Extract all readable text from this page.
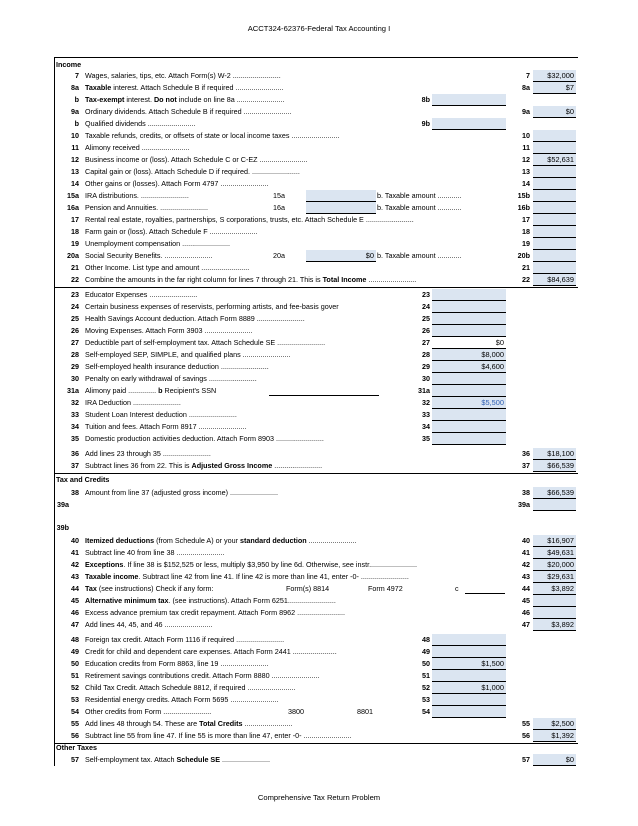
ACCT324-62376-Federal Tax Accounting I
Income
7 Wages, salaries, tips, etc. Attach Form(s) W-2 ........................	7 $32,000
8a Taxable interest. Attach Schedule B if required ........................	8a	$7
b Tax-exempt interest. Do not include on line 8a ........................	8b
9a Ordinary dividends. Attach Schedule B if required ........................	9a	$0
b Qualified dividends ........................	9b
10 Taxable refunds, credits, or offsets of state or local income taxes ........................	10
11 Alimony received ........................	11
12 Business income or (loss). Attach Schedule C or C-EZ ........................	12 $52,631
13 Capital gain or (loss). Attach Schedule D if required. ........................	13
14 Other gains or (losses). Attach Form 4797 ........................	14
15a IRA distributions. ........................	15a	b. Taxable amount ............	15b
16a Pension and Annuities. ........................	16a	b. Taxable amount ............	16b
17 Rental real estate, royalties, partnerships, S corporations, trusts, etc. Attach Schedule E ........................	17
18 Farm gain or (loss). Attach Schedule F ........................	18
19 Unemployment compensation ........................	19
20a Social Security Benefits. ........................	20a	$0 b. Taxable amount ............	20b
21 Other Income. List type and amount ........................	21
22 Combine the amounts in the far right column for lines 7 through 21. This is Total Income ........................	22 $84,639
23 Educator Expenses ........................	23
24 Certain business expenses of reservists, performing artists, and fee-basis gover	24
25 Health Savings Account deduction. Attach Form 8889 ........................	25
26 Moving Expenses. Attach Form 3903 ........................	26
27 Deductible part of self-employment tax. Attach Schedule SE ........................	27	$0
28 Self-employed SEP, SIMPLE, and qualified plans ........................	28	$8,000
29 Self-employed health insurance deduction ........................	29	$4,600
30 Penalty on early withdrawal of savings ........................	30
31a Alimony paid .............. b Recipient's SSN	31a
32 IRA Deduction ........................	32	$5,500
33 Student Loan Interest deduction ........................	33
34 Tuition and fees. Attach Form 8917 ........................	34
35 Domestic production activities deduction. Attach Form 8903 ........................	35
36 Add lines 23 through 35 ........................	36 $18,100
37 Subtract lines 36 from 22. This is Adjusted Gross Income ........................	37 $66,539
Tax and Credits
38 Amount from line 37 (adjusted gross income) ........................	38 $66,539
39a	39a
39b
40 Itemized deductions (from Schedule A) or your standard deduction ........................	40 $16,907
41 Subtract line 40 from line 38 ........................	41 $49,631
42 Exceptions. If line 38 is $152,525 or less, multiply $3,950 by line 6d. Otherwise, see instr........................	42 $20,000
43 Taxable income. Subtract line 42 from line 41. If line 42 is more than line 41, enter -0- ........................	43 $29,631
44 Tax (see instructions) Check if any form:	Form(s) 8814	Form 4972	c	44	$3,892
45 Alternative minimum tax. (see instructions). Attach Form 6251........................	45
46 Excess advance premium tax credit repayment. Attach Form 8962 ........................	46
47 Add lines 44, 45, and 46 ........................	47	$3,892
48 Foreign tax credit. Attach Form 1116 if required ........................	48
49 Credit for child and dependent care expenses. Attach Form 2441 ......................	49
50 Education credits from Form 8863, line 19 ........................	50	$1,500
51 Retirement savings contributions credit. Attach Form 8880 ........................	51
52 Child Tax Credit. Attach Schedule 8812, if required ........................	52	$1,000
53 Residential energy credits. Attach Form 5695 ........................	53
54 Other credits from Form ........................	3800	8801	54
55 Add lines 48 through 54. These are Total Credits ........................	55	$2,500
56 Subtract line 55 from line 47. If line 55 is more than line 47, enter -0- ........................	56	$1,392
Other Taxes
57 Self-employment tax. Attach Schedule SE ........................	57	$0
Comprehensive Tax Return Problem
